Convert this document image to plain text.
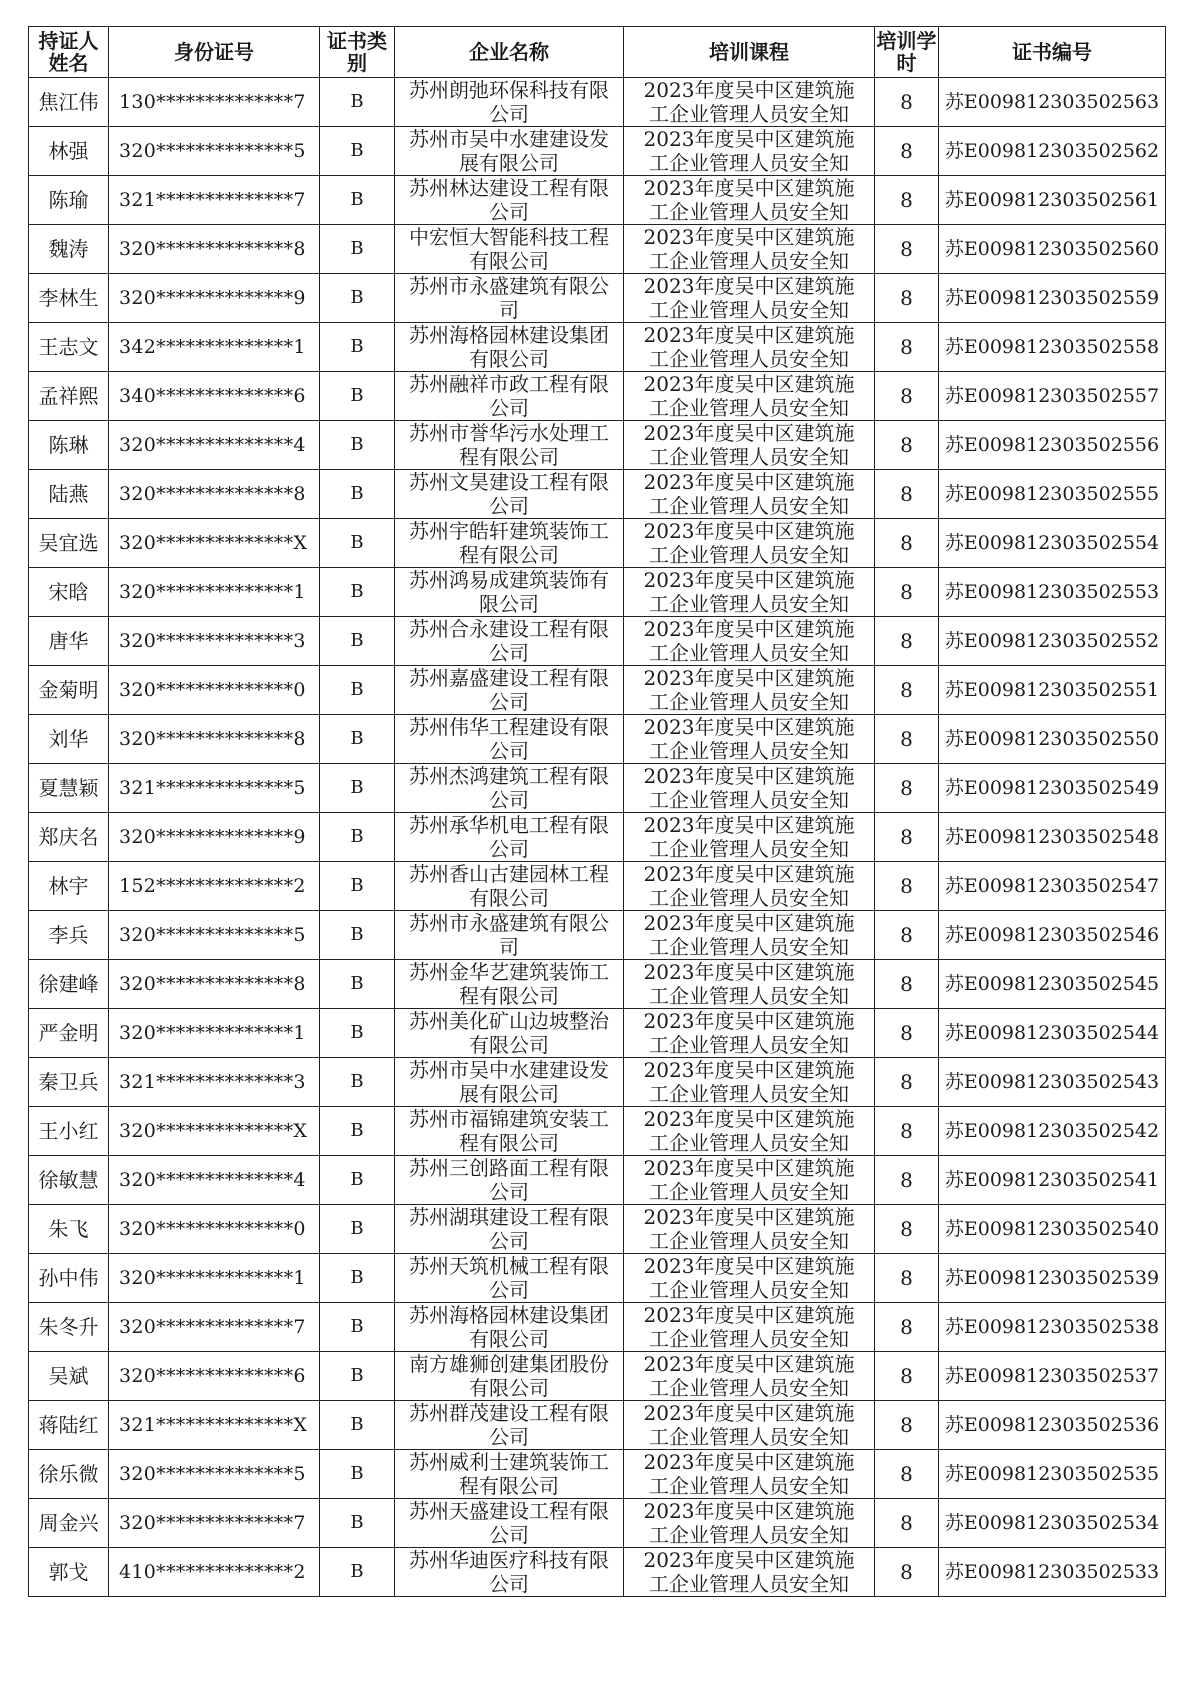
持证人姓名	身份证号	证书类别	企业名称	培训课程	培训学时	证书编号
焦江伟	130**************7	B	苏州朗弛环保科技有限公司	2023年度吴中区建筑施工企业管理人员安全知	8	苏E009812303502563
林强	320**************5	B	苏州市吴中水建建设发展有限公司	2023年度吴中区建筑施工企业管理人员安全知	8	苏E009812303502562
陈瑜	321**************7	B	苏州林达建设工程有限公司	2023年度吴中区建筑施工企业管理人员安全知	8	苏E009812303502561
魏涛	320**************8	B	中宏恒大智能科技工程有限公司	2023年度吴中区建筑施工企业管理人员安全知	8	苏E009812303502560
李林生	320**************9	B	苏州市永盛建筑有限公司	2023年度吴中区建筑施工企业管理人员安全知	8	苏E009812303502559
王志文	342**************1	B	苏州海格园林建设集团有限公司	2023年度吴中区建筑施工企业管理人员安全知	8	苏E009812303502558
孟祥熙	340**************6	B	苏州融祥市政工程有限公司	2023年度吴中区建筑施工企业管理人员安全知	8	苏E009812303502557
陈琳	320**************4	B	苏州市誉华污水处理工程有限公司	2023年度吴中区建筑施工企业管理人员安全知	8	苏E009812303502556
陆燕	320**************8	B	苏州文昊建设工程有限公司	2023年度吴中区建筑施工企业管理人员安全知	8	苏E009812303502555
吴宜选	320**************X	B	苏州宇皓轩建筑装饰工程有限公司	2023年度吴中区建筑施工企业管理人员安全知	8	苏E009812303502554
宋晗	320**************1	B	苏州鸿易成建筑装饰有限公司	2023年度吴中区建筑施工企业管理人员安全知	8	苏E009812303502553
唐华	320**************3	B	苏州合永建设工程有限公司	2023年度吴中区建筑施工企业管理人员安全知	8	苏E009812303502552
金菊明	320**************0	B	苏州嘉盛建设工程有限公司	2023年度吴中区建筑施工企业管理人员安全知	8	苏E009812303502551
刘华	320**************8	B	苏州伟华工程建设有限公司	2023年度吴中区建筑施工企业管理人员安全知	8	苏E009812303502550
夏慧颖	321**************5	B	苏州杰鸿建筑工程有限公司	2023年度吴中区建筑施工企业管理人员安全知	8	苏E009812303502549
郑庆名	320**************9	B	苏州承华机电工程有限公司	2023年度吴中区建筑施工企业管理人员安全知	8	苏E009812303502548
林宇	152**************2	B	苏州香山古建园林工程有限公司	2023年度吴中区建筑施工企业管理人员安全知	8	苏E009812303502547
李兵	320**************5	B	苏州市永盛建筑有限公司	2023年度吴中区建筑施工企业管理人员安全知	8	苏E009812303502546
徐建峰	320**************8	B	苏州金华艺建筑装饰工程有限公司	2023年度吴中区建筑施工企业管理人员安全知	8	苏E009812303502545
严金明	320**************1	B	苏州美化矿山边坡整治有限公司	2023年度吴中区建筑施工企业管理人员安全知	8	苏E009812303502544
秦卫兵	321**************3	B	苏州市吴中水建建设发展有限公司	2023年度吴中区建筑施工企业管理人员安全知	8	苏E009812303502543
王小红	320**************X	B	苏州市福锦建筑安装工程有限公司	2023年度吴中区建筑施工企业管理人员安全知	8	苏E009812303502542
徐敏慧	320**************4	B	苏州三创路面工程有限公司	2023年度吴中区建筑施工企业管理人员安全知	8	苏E009812303502541
朱飞	320**************0	B	苏州湖琪建设工程有限公司	2023年度吴中区建筑施工企业管理人员安全知	8	苏E009812303502540
孙中伟	320**************1	B	苏州天筑机械工程有限公司	2023年度吴中区建筑施工企业管理人员安全知	8	苏E009812303502539
朱冬升	320**************7	B	苏州海格园林建设集团有限公司	2023年度吴中区建筑施工企业管理人员安全知	8	苏E009812303502538
吴斌	320**************6	B	南方雄狮创建集团股份有限公司	2023年度吴中区建筑施工企业管理人员安全知	8	苏E009812303502537
蒋陆红	321**************X	B	苏州群茂建设工程有限公司	2023年度吴中区建筑施工企业管理人员安全知	8	苏E009812303502536
徐乐微	320**************5	B	苏州威利士建筑装饰工程有限公司	2023年度吴中区建筑施工企业管理人员安全知	8	苏E009812303502535
周金兴	320**************7	B	苏州天盛建设工程有限公司	2023年度吴中区建筑施工企业管理人员安全知	8	苏E009812303502534
郭戈	410**************2	B	苏州华迪医疗科技有限公司	2023年度吴中区建筑施工企业管理人员安全知	8	苏E009812303502533
